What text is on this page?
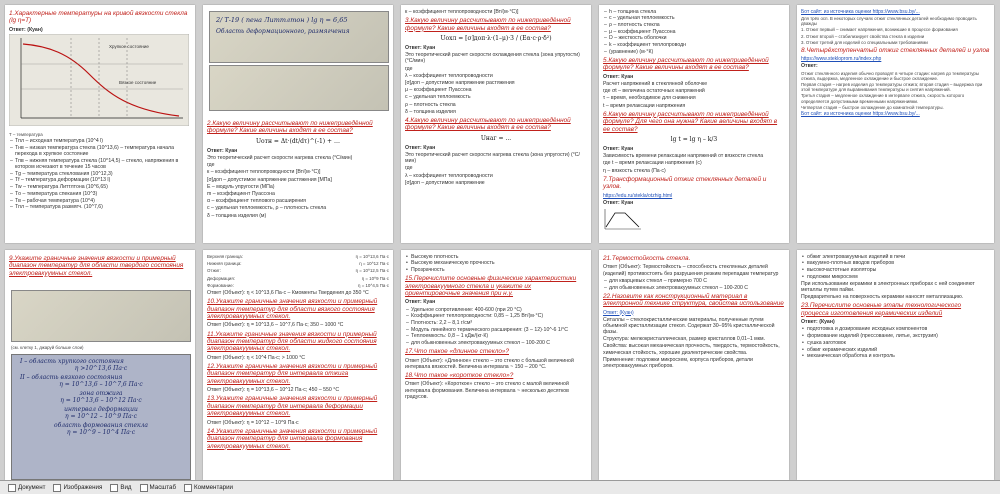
1.Характерные температуры на кривой вязкости стекла (lg η=T)
Ответ: (Куан)
Хрупкое состояние
Вязкое состояние
Т – температура
– Tпл – исходная температура (10^4 l)
– Tнв – низкая температура стекла (10^13,6) – температура начала перехода в хрупкое состояние
– Tпв – нижняя температура стекла (10^14,5) – стекло, напряжения в котором исчезают в течение 15 часов
– Tg – температура стеклования (10^12,3)
– Tf – температура деформации (10^13 l)
– Tw – температура Литтлтона (10^6,65)
– Tо – температура спекания (10^3)
– Tв – рабочая температура (10^4)
– Tпл – температура размягч. (10^7,6)
2/ Т-19 ( пена Литтлтон ) lg η = 6,65
Область деформационного, размягчения
2.Какую величину рассчитывают по нижеприведённой формуле? Какие величины входят в ее состав?
Uотн = Δt·(dt/dτ)^(-1) + …
Ответ: Куан
Это теоретический расчет скорости нагрева стекла (°С/мин)
где
к – коэффициент теплопроводности [Вт/(м·°С)]
[σ]доп – допустимое напряжение растяжения [МПа]
Е – модуль упругости (МПа)
m – коэффициент Пуассона
α – коэффициент теплового расширения
с – удельная теплоемкость, ρ – плотность стекла
δ – толщина изделия (м)
к – коэффициент теплопроводности [Вт/(м·°С)]
3.Какую величину рассчитывают по нижеприведённой формуле? Какие величины входят в ее состав?
Uохл = [σ]доп·λ·(1–μ)·3 / (Eα·c·ρ·δ²)
Ответ: Куан
Это теоретический расчет скорости охлаждения стекла (зона упругости) (°С/мин)
где
λ – коэффициент теплопроводности
[σ]доп – допустимое напряжение растяжения
μ – коэффициент Пуассона
с – удельная теплоемкость
ρ – плотность стекла
δ – толщина изделия
4.Какую величину рассчитывают по нижеприведённой формуле? Какие величины входят в ее состав?
Uнаг = ...
Ответ: Куан
Это теоретический расчет скорости нагрева стекла (зона упругости) (°С/мин)
где
λ – коэффициент теплопроводности
[σ]доп – допустимое напряжение
– h – толщина стекла
– с – удельная теплоемкость
– ρ – плотность стекла
– μ – коэффициент Пуассона
– D – жесткость оболочки
– k – коэффициент теплопроводн
– (уравнение) (м·°К)
5.Какую величину рассчитывают по нижеприведённой формуле? Какие величины входят в ее состав?
Ответ: Куан
Расчет напряжений в стеклянной оболочке
где σt – величина остаточных напряжений
τ – время, необходимое для снижения
t – время релаксации напряжения
6.Какую величину рассчитывают по нижеприведённой формуле? Для чего она нужна? Какие величины входят в ее состав?
lg t = lg η – k/3
Ответ: Куан
Зависимость времени релаксации напряжений от вязкости стекла
где t – время релаксации напряжения (с)
η – вязкость стекла (Па·с)
7.Трансформационный отжиг стеклянных деталей и узлов.
https://edu.ru/stekla/otzhig.html
Ответ: Куан
Бот сайт: из источника оценки https://www.bsu.by/...
Для трёх осп. В некоторых случаях отжиг стеклянных деталей необходимо проводить дважды
1. Отжиг первый – снимает напряжения, возникшие в процессе формования
2. Отжиг второй – стабилизирует свойства стекла в изделии
3. Отжиг третий для изделий со специальными требованиями
8.Четырёхступенчатый отжиг стеклянных деталей и узлов
https://www.stekloprom.ru/index.php
Ответ:
Отжиг стеклянного изделия обычно проводят в четыре стадии: нагрев до температуры отжига, выдержка, медленное охлаждение и быстрое охлаждение.
Первая стадия – нагрев изделия до температуры отжига; вторая стадия – выдержка при этой температуре для выравнивания температуры и снятия напряжений.
Третья стадия – медленное охлаждение в интервале отжига, скорость которого определяется допустимыми временными напряжениями.
Четвертая стадия – быстрое охлаждение до комнатной температуры.
Бот сайт: из источника оценки https://www.bsu.by/...
9.Укажите граничные значения вязкости и примерный диапазон температур для области твердого состояния электровакуумных стекол.
(см. клетку 1, джаруй больше слои)
I – область хрупкого состояния
η >10^13,6 Па·с
II – область вязкого состояния
η = 10^13,6 – 10^7,6 Па·с
зона отжига
η = 10^13,6 – 10^12 Па·с
интервал деформации
η = 10^12 – 10^9 Па·с
область формования стекла
η = 10^9 – 10^4 Па·с
Верхняя граница:	η = 10^13,6 Па·с
Нижняя граница:	η = 10^12 Па·с
Отжиг:	η = 10^12,5 Па·с
Деформация:	η = 10^9 Па·с
Формование:	η = 10^4,5 Па·с
Ответ (Объект): η < 10^13,6 Па·с – Кмоменты Твердения до 350 °С
10.Укажите граничные значения вязкости и примерный диапазон температур для области вязкого состояния электровакуумных стекол.
Ответ (Объект): η = 10^13,6 – 10^7,6 Па·с; 350 – 1000 °С
11.Укажите граничные значения вязкости и примерный диапазон температур для области жидкого состояния электровакуумных стекол.
Ответ (Объект): η < 10^4 Па·с; > 1000 °С
12.Укажите граничные значения вязкости и примерный диапазон температур для интервала отжига электровакуумных стекол.
Ответ (Объект): η = 10^13,6 – 10^12 Па·с; 450 – 550 °С
13.Укажите граничные значения вязкости и примерный диапазон температур для интервала деформации электровакуумных стекол.
Ответ (Объект): η = 10^12 – 10^9 Па·с
14.Укажите граничные значения вязкости и примерный диапазон температур для интервала формования электровакуумных стекол.
• Высокую плотность
• Высокую механическую прочность
• Прозрачность
15.Перечислите основные физические характеристики электровакуумного стекла и укажите их ориентировочные значения при н.у.
Ответ: Куан
– Удельное сопротивление: 400-600 (при 20 °С)
– Коэффициент теплопроводности: 0,85 – 1,25 Вт/(м·°С)
– Плотность: 2,2 – 8,1 г/см³
– Модуль линейного термического расширения: (3 – 12)·10^-6 1/°С
– Теплоемкость: 0,8 – 1 кДж/(кг·К)
– для обыкновенных электровакуумных стекол – 100-200 С
17.Что такое «длинное стекло»?
Ответ (Объект): «Длинное» стекло – это стекло с большой величиной интервала вязкостей. Величина интервала ~ 150 – 200 °С.
18.Что такое «короткое стекло»?
Ответ (Объект): «Короткое» стекло – это стекло с малой величиной интервала формования. Величина интервала ~ несколько десятков градусов.
21.Термостойкость стекла.
Ответ (Объект): Термостойкость – способность стеклянных деталей (изделий) противостоять без разрушения резким перепадам температур
– для кварцевых стекол – примерно 700 С
– для обыкновенных электровакуумных стекол – 100-200 С
22.Назовите как конструкционный материал в электронной технике структура, свойства использование
Ответ: (Куан)
Ситаллы – стеклокристаллические материалы, полученные путем объемной кристаллизации стекол. Содержат 30–95% кристаллической фазы.
Структура: мелкокристаллическая, размер кристаллов 0,01–1 мкм.
Свойства: высокая механическая прочность, твердость, термостойкость, химическая стойкость, хорошие диэлектрические свойства.
Применение: подложки микросхем, корпуса приборов, детали электровакуумных приборов.
• обжиг электровакуумных изделий в печи
• вакуумно-плотных вводов приборов
• высокочастотные изоляторы
• подложки микросхем
При использовании керамики в электронных приборах с ней соединяют металлы путем пайки.
Предварительно на поверхность керамики наносят металлизацию.
23.Перечислите основные этапы технологического процесса изготовления керамических изделий
Ответ: (Куан)
• подготовка и дозирование исходных компонентов
• формование изделий (прессование, литье, экструзия)
• сушка заготовок
• обжиг керамических изделий
• механическая обработка и контроль
Документ	Изображения	Вид	Масштаб	Комментарии
